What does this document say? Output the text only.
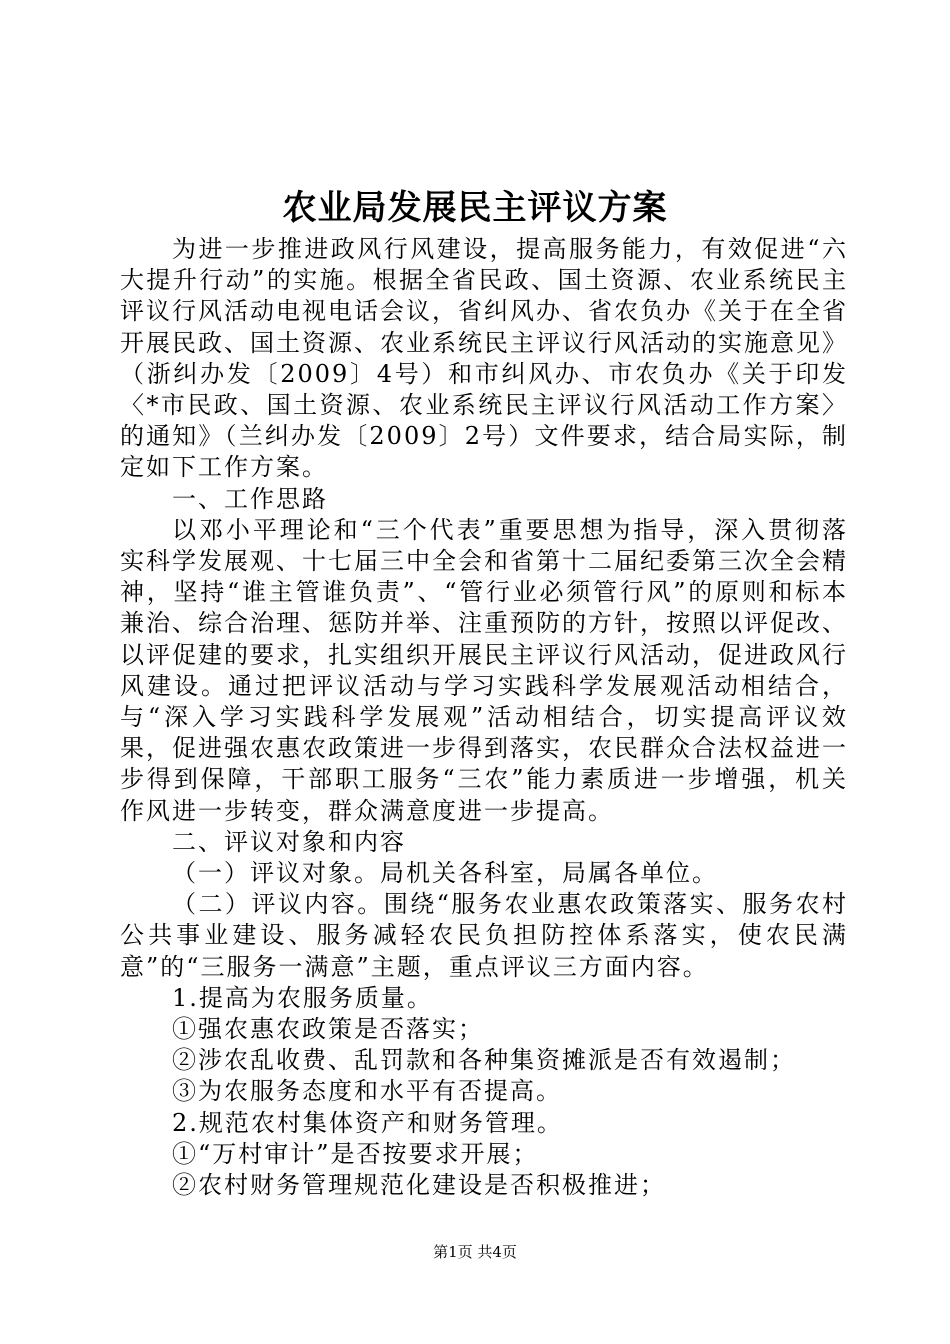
农业局发展民主评议方案

为进一步推进政风行风建设，提高服务能力，有效促进“六大提升行动”的实施。根据全省民政、国土资源、农业系统民主评议行风活动电视电话会议，省纠风办、省农负办《关于在全省开展民政、国土资源、农业系统民主评议行风活动的实施意见》（浙纠办发〔2009〕4号）和市纠风办、市农负办《关于印发〈*市民政、国土资源、农业系统民主评议行风活动工作方案〉的通知》（兰纠办发〔2009〕2号）文件要求，结合局实际，制定如下工作方案。

一、工作思路

以邓小平理论和“三个代表”重要思想为指导，深入贯彻落实科学发展观、十七届三中全会和省第十二届纪委第三次全会精神，坚持“谁主管谁负责”、“管行业必须管行风”的原则和标本兼治、综合治理、惩防并举、注重预防的方针，按照以评促改、以评促建的要求，扎实组织开展民主评议行风活动，促进政风行风建设。通过把评议活动与学习实践科学发展观活动相结合，与“深入学习实践科学发展观”活动相结合，切实提高评议效果，促进强农惠农政策进一步得到落实，农民群众合法权益进一步得到保障，干部职工服务“三农”能力素质进一步增强，机关作风进一步转变，群众满意度进一步提高。

二、评议对象和内容

（一）评议对象。局机关各科室，局属各单位。

（二）评议内容。围绕“服务农业惠农政策落实、服务农村公共事业建设、服务减轻农民负担防控体系落实，使农民满意”的“三服务一满意”主题，重点评议三方面内容。

1.提高为农服务质量。

①强农惠农政策是否落实；

②涉农乱收费、乱罚款和各种集资摊派是否有效遏制；

③为农服务态度和水平有否提高。

2.规范农村集体资产和财务管理。

①“万村审计”是否按要求开展；

②农村财务管理规范化建设是否积极推进；

第1页 共4页
